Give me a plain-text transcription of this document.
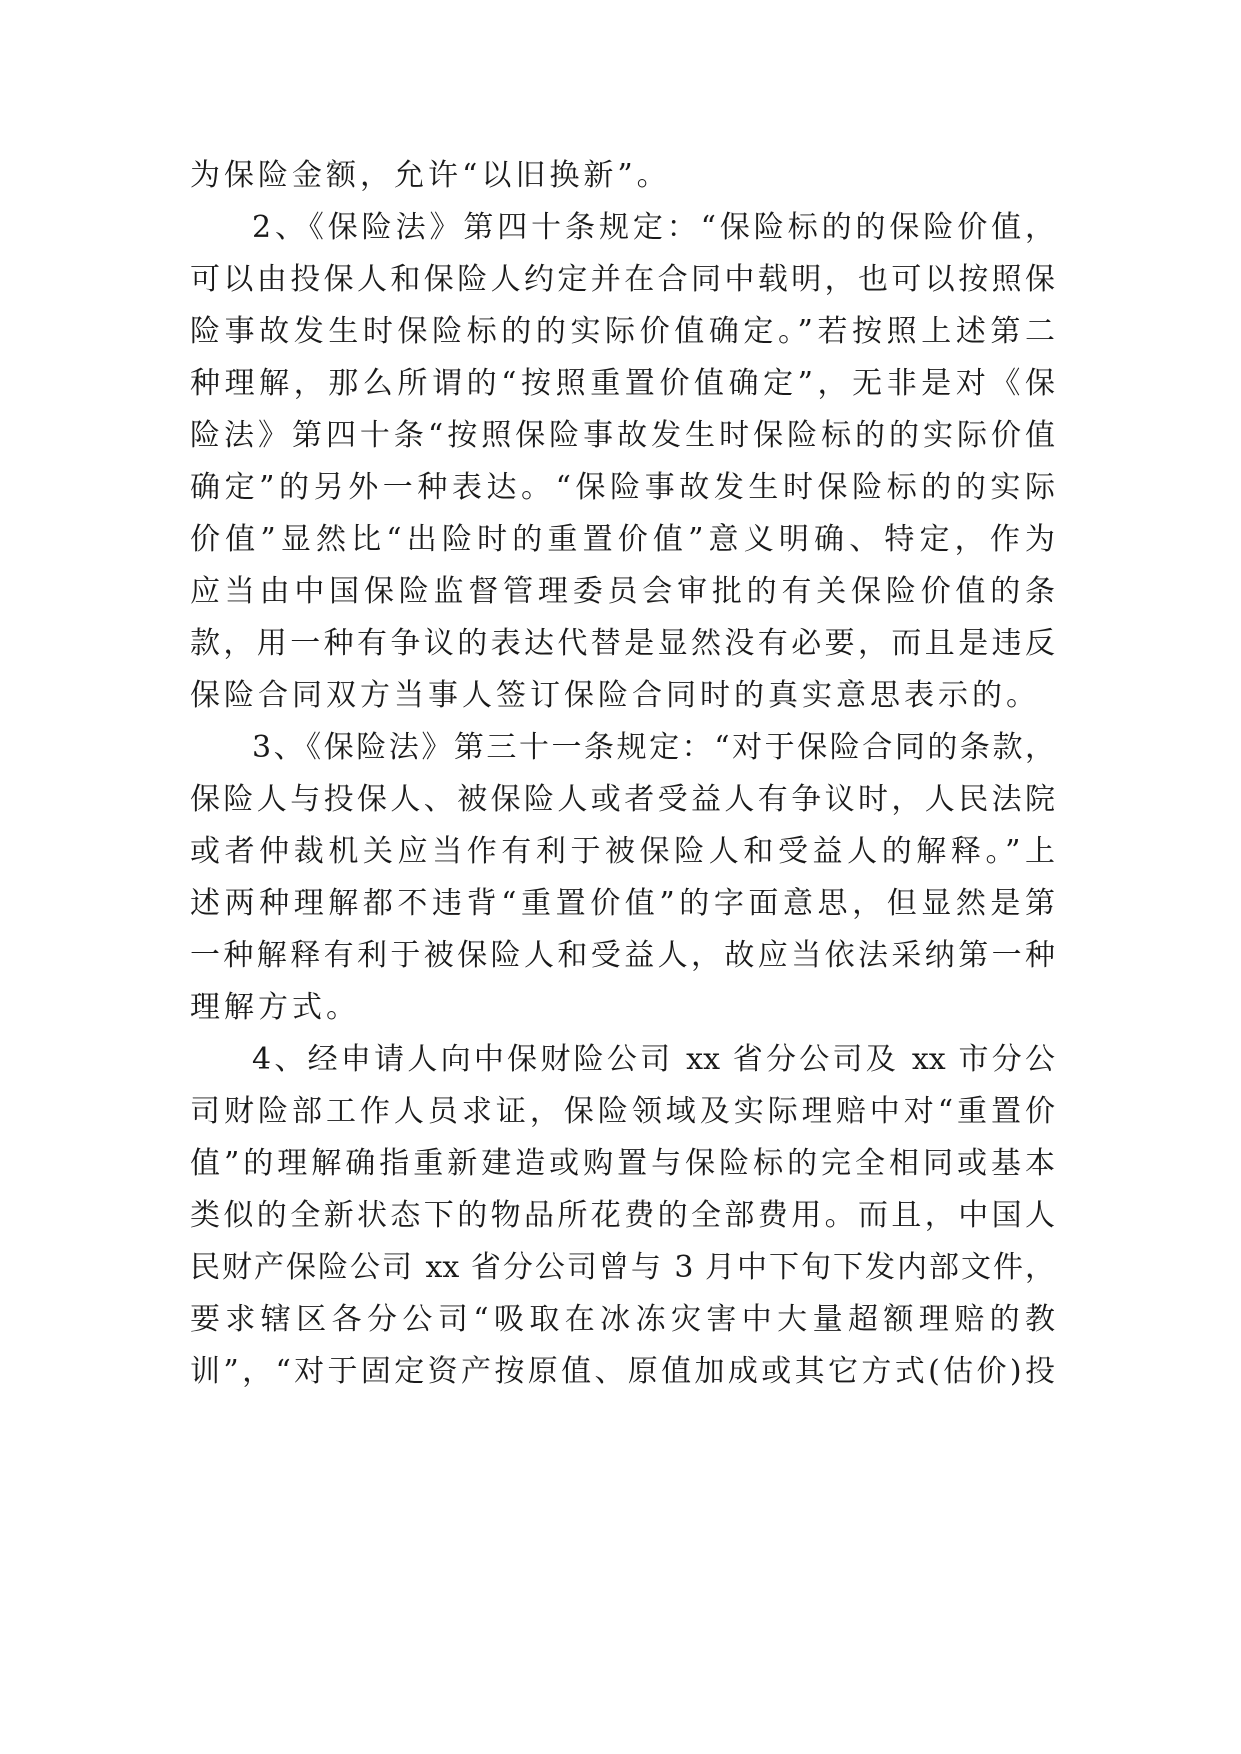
为保险金额，允许“以旧换新”。
2、《保险法》第四十条规定：“保险标的的保险价值，
可以由投保人和保险人约定并在合同中载明，也可以按照保
险事故发生时保险标的的实际价值确定。”若按照上述第二
种理解，那么所谓的“按照重置价值确定”，无非是对《保
险法》第四十条“按照保险事故发生时保险标的的实际价值
确定”的另外一种表达。“保险事故发生时保险标的的实际
价值”显然比“出险时的重置价值”意义明确、特定，作为
应当由中国保险监督管理委员会审批的有关保险价值的条
款，用一种有争议的表达代替是显然没有必要，而且是违反
保险合同双方当事人签订保险合同时的真实意思表示的。
3、《保险法》第三十一条规定：“对于保险合同的条款，
保险人与投保人、被保险人或者受益人有争议时，人民法院
或者仲裁机关应当作有利于被保险人和受益人的解释。”上
述两种理解都不违背“重置价值”的字面意思，但显然是第
一种解释有利于被保险人和受益人，故应当依法采纳第一种
理解方式。
4、经申请人向中保财险公司 xx 省分公司及 xx 市分公
司财险部工作人员求证，保险领域及实际理赔中对“重置价
值”的理解确指重新建造或购置与保险标的完全相同或基本
类似的全新状态下的物品所花费的全部费用。而且，中国人
民财产保险公司 xx 省分公司曾与 3 月中下旬下发内部文件，
要求辖区各分公司“吸取在冰冻灾害中大量超额理赔的教
训”，“对于固定资产按原值、原值加成或其它方式(估价)投
